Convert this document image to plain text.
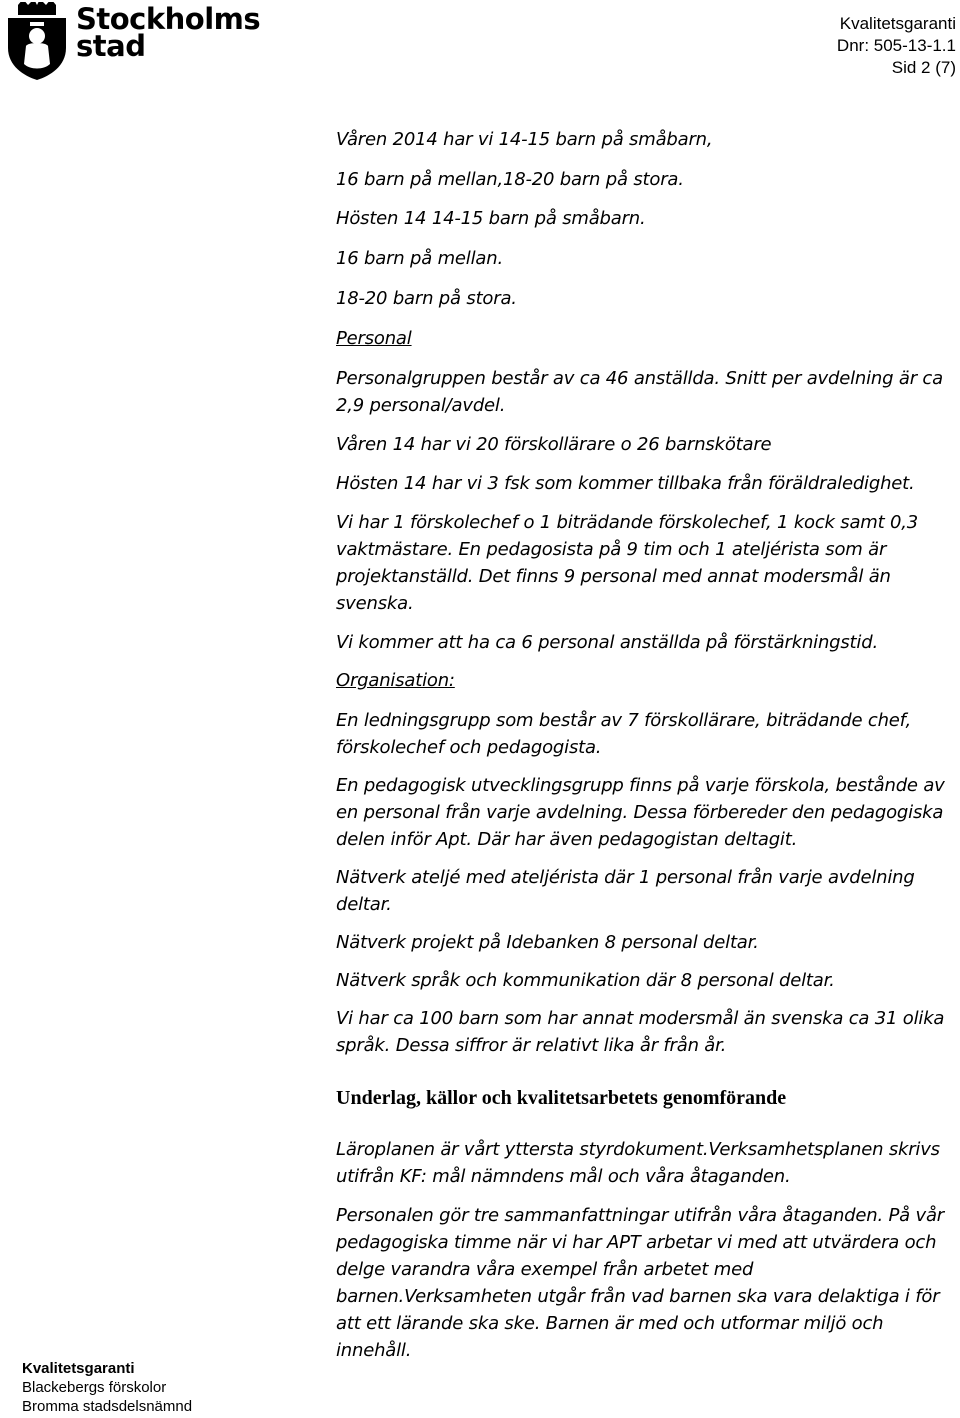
Stockholms
stad
Kvalitetsgaranti
Dnr: 505-13-1.1
Sid 2 (7)

Våren 2014 har vi 14-15 barn på småbarn,

16 barn på mellan,18-20 barn på stora.

Hösten 14 14-15 barn på småbarn.

16 barn på mellan.

18-20 barn på stora.

Personal

Personalgruppen består av ca 46 anställda. Snitt per avdelning är ca 2,9 personal/avdel.

Våren 14 har vi 20 förskollärare o 26 barnskötare

Hösten 14 har vi 3 fsk som kommer tillbaka från föräldraledighet.

Vi har 1 förskolechef o 1 biträdande förskolechef, 1 kock samt 0,3 vaktmästare. En pedagosista på 9 tim och 1 ateljérista som är projektanställd. Det finns 9 personal med annat modersmål än svenska.

Vi kommer att ha ca 6 personal anställda på förstärkningstid.

Organisation:

En ledningsgrupp som består av 7 förskollärare, biträdande chef, förskolechef och pedagogista.

En pedagogisk utvecklingsgrupp finns på varje förskola, bestånde av en personal från varje avdelning. Dessa förbereder den pedagogiska delen inför Apt. Där har även pedagogistan deltagit.

Nätverk ateljé med ateljérista där 1 personal från varje avdelning deltar.

Nätverk projekt på Idebanken 8 personal deltar.

Nätverk språk och kommunikation där 8 personal deltar.

Vi har ca 100 barn som har annat modersmål än svenska ca 31 olika språk. Dessa siffror är relativt lika år från år.

Underlag, källor och kvalitetsarbetets genomförande

Läroplanen är vårt yttersta styrdokument.Verksamhetsplanen skrivs utifrån KF: mål nämndens mål och våra åtaganden.

Personalen gör tre sammanfattningar utifrån våra åtaganden. På vår pedagogiska timme när vi har APT arbetar vi med att utvärdera och delge varandra våra exempel från arbetet med barnen.Verksamheten utgår från vad barnen ska vara delaktiga i för att ett lärande ska ske. Barnen är med och utformar miljö och innehåll.

Kvalitetsgaranti
Blackebergs förskolor
Bromma stadsdelsnämnd
